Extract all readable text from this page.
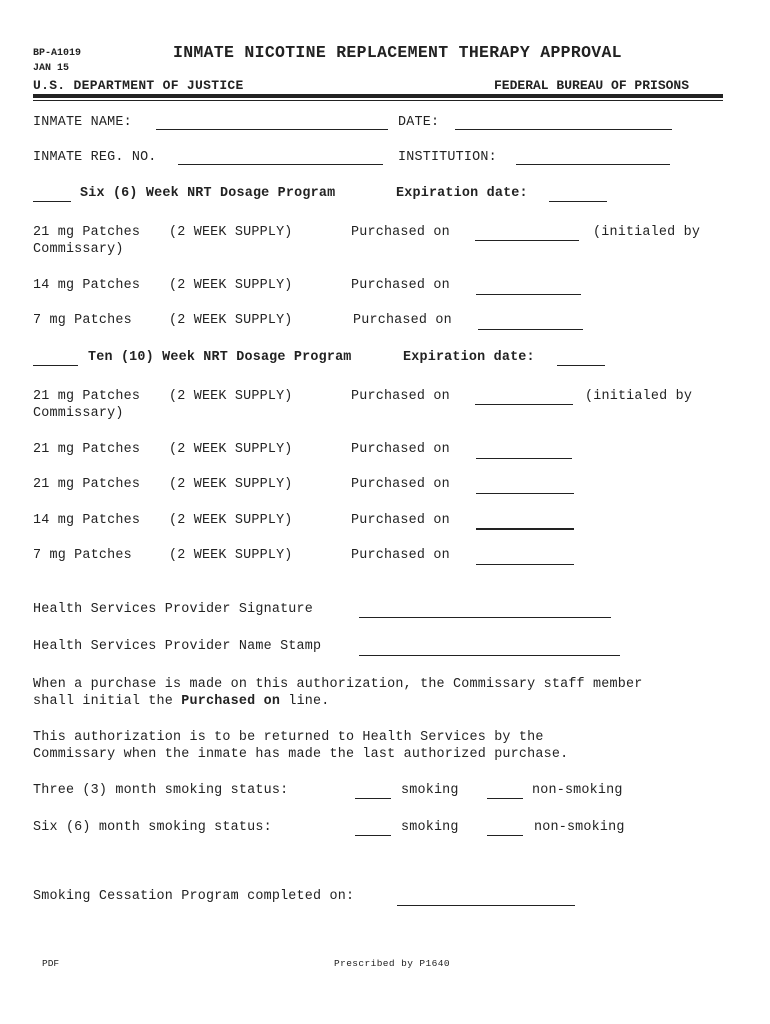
BP-A1019
JAN 15
INMATE NICOTINE REPLACEMENT THERAPY APPROVAL
U.S. DEPARTMENT OF JUSTICE	FEDERAL BUREAU OF PRISONS
INMATE NAME:	DATE:
INMATE REG. NO.	INSTITUTION:
Six (6) Week NRT Dosage Program	Expiration date:
21 mg Patches (2 WEEK SUPPLY)	Purchased on	(initialed by
Commissary)
14 mg Patches (2 WEEK SUPPLY)	Purchased on
7 mg Patches	(2 WEEK SUPPLY)	Purchased on
Ten (10) Week NRT Dosage Program	Expiration date:
21 mg Patches (2 WEEK SUPPLY)	Purchased on	(initialed by
Commissary)
21 mg Patches (2 WEEK SUPPLY)	Purchased on
21 mg Patches (2 WEEK SUPPLY)	Purchased on
14 mg Patches (2 WEEK SUPPLY)	Purchased on
7 mg Patches	(2 WEEK SUPPLY)	Purchased on
Health Services Provider Signature
Health Services Provider Name Stamp
When a purchase is made on this authorization, the Commissary staff member
shall initial the Purchased on line.
This authorization is to be returned to Health Services by the
Commissary when the inmate has made the last authorized purchase.
Three (3) month smoking status:	smoking	non-smoking
Six (6) month smoking status:	smoking	non-smoking
Smoking Cessation Program completed on:
PDF	Prescribed by P1640
